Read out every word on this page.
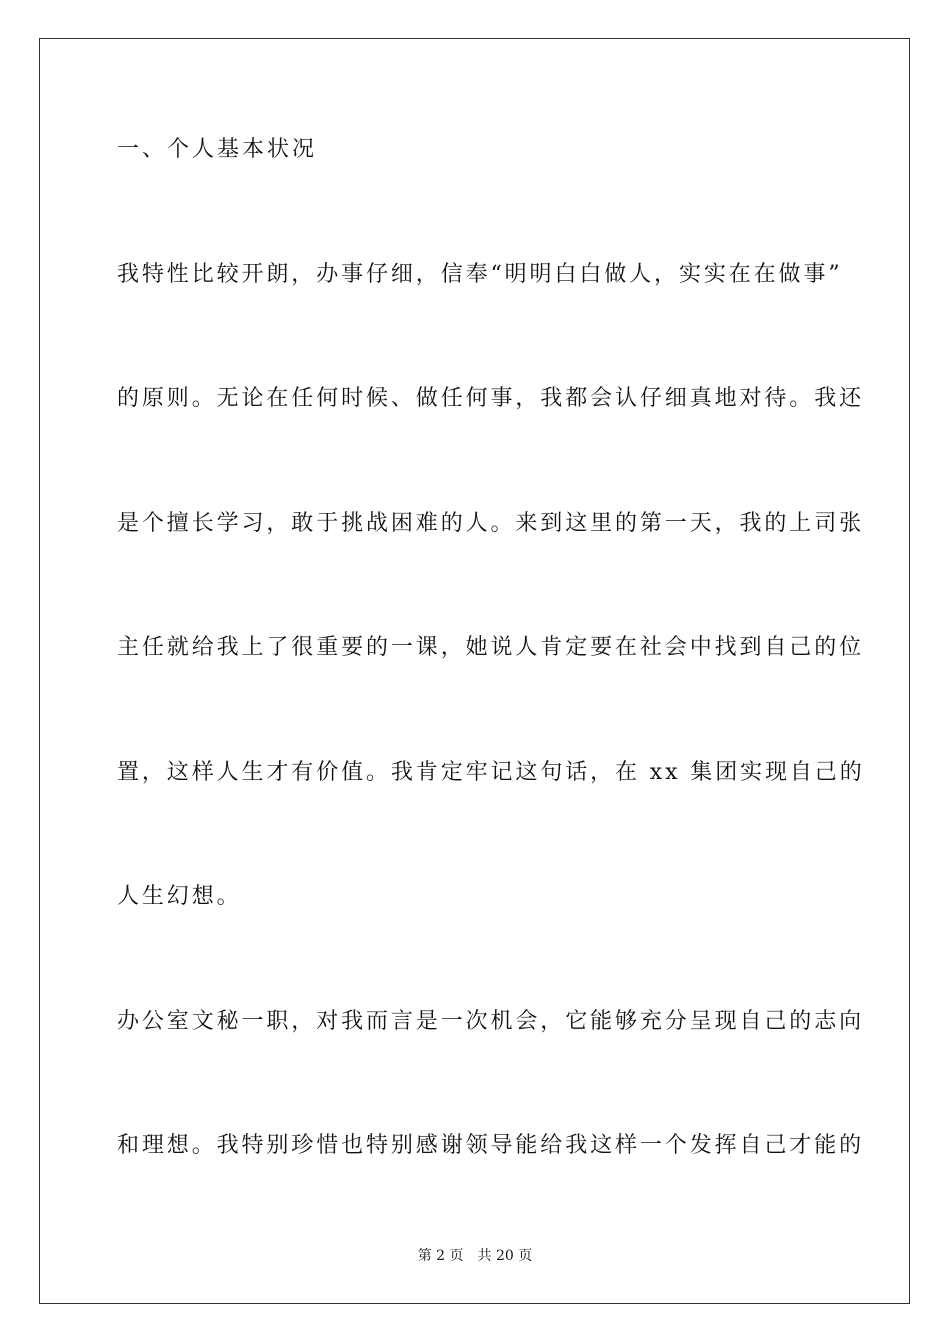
一、个人基本状况
我特性比较开朗，办事仔细，信奉“明明白白做人，实实在在做事”
的原则。无论在任何时候、做任何事，我都会认仔细真地对待。我还
是个擅长学习，敢于挑战困难的人。来到这里的第一天，我的上司张
主任就给我上了很重要的一课，她说人肯定要在社会中找到自己的位
置，这样人生才有价值。我肯定牢记这句话，在 xx 集团实现自己的
人生幻想。
办公室文秘一职，对我而言是一次机会，它能够充分呈现自己的志向
和理想。我特别珍惜也特别感谢领导能给我这样一个发挥自己才能的
第 2 页 共 20 页
